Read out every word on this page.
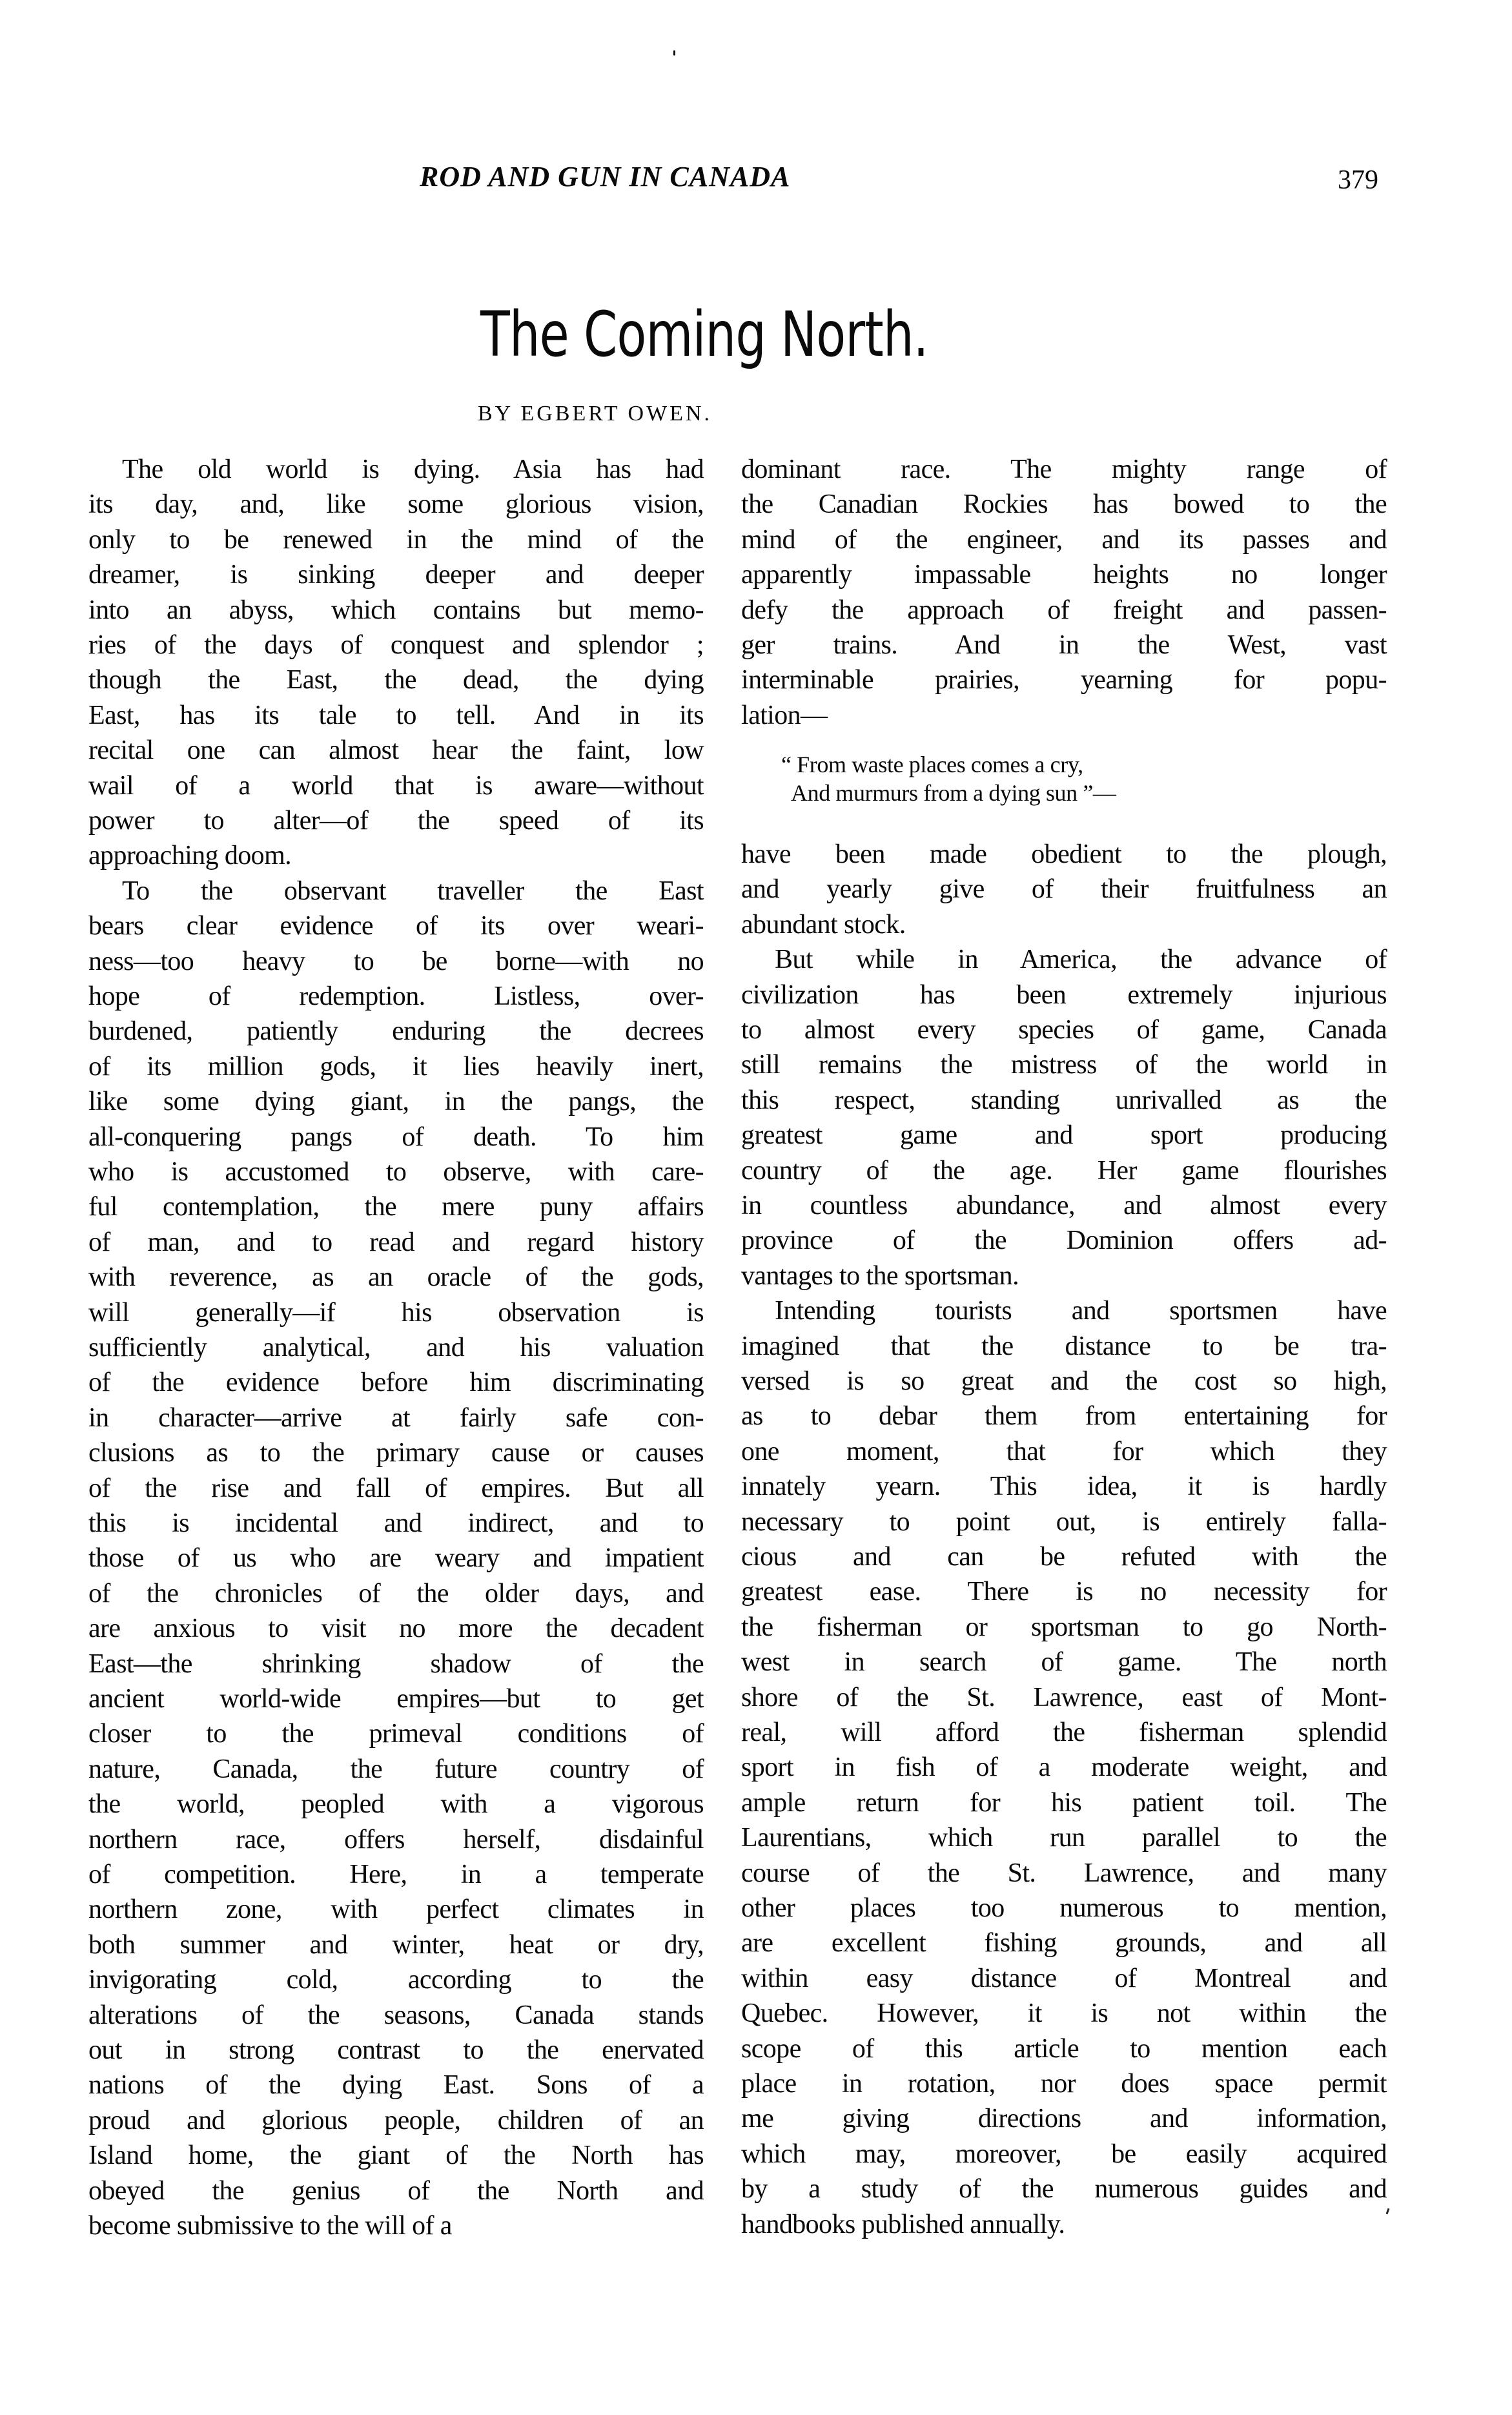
ROD AND GUN IN CANADA	379
The Coming North.
BY EGBERT OWEN.
The old world is dying. Asia has had
its day, and, like some glorious vision,
only to be renewed in the mind of the
dreamer, is sinking deeper and deeper
into an abyss, which contains but memo-
ries of the days of conquest and splendor ;
though the East, the dead, the dying
East, has its tale to tell. And in its
recital one can almost hear the faint, low
wail of a world that is aware—without
power to alter—of the speed of its
approaching doom.
To the observant traveller the East
bears clear evidence of its over weari-
ness—too heavy to be borne—with no
hope of redemption. Listless, over-
burdened, patiently enduring the decrees
of its million gods, it lies heavily inert,
like some dying giant, in the pangs, the
all-conquering pangs of death. To him
who is accustomed to observe, with care-
ful contemplation, the mere puny affairs
of man, and to read and regard history
with reverence, as an oracle of the gods,
will generally—if his observation is
sufficiently analytical, and his valuation
of the evidence before him discriminating
in character—arrive at fairly safe con-
clusions as to the primary cause or causes
of the rise and fall of empires. But all
this is incidental and indirect, and to
those of us who are weary and impatient
of the chronicles of the older days, and
are anxious to visit no more the decadent
East—the shrinking shadow of the
ancient world-wide empires—but to get
closer to the primeval conditions of
nature, Canada, the future country of
the world, peopled with a vigorous
northern race, offers herself, disdainful
of competition. Here, in a temperate
northern zone, with perfect climates in
both summer and winter, heat or dry,
invigorating cold, according to the
alterations of the seasons, Canada stands
out in strong contrast to the enervated
nations of the dying East. Sons of a
proud and glorious people, children of an
Island home, the giant of the North has
obeyed the genius of the North and
become submissive to the will of a
dominant race. The mighty range of
the Canadian Rockies has bowed to the
mind of the engineer, and its passes and
apparently impassable heights no longer
defy the approach of freight and passen-
ger trains. And in the West, vast
interminable prairies, yearning for popu-
lation—
“ From waste places comes a cry,
And murmurs from a dying sun ”—
have been made obedient to the plough,
and yearly give of their fruitfulness an
abundant stock.
But while in America, the advance of
civilization has been extremely injurious
to almost every species of game, Canada
still remains the mistress of the world in
this respect, standing unrivalled as the
greatest game and sport producing
country of the age. Her game flourishes
in countless abundance, and almost every
province of the Dominion offers ad-
vantages to the sportsman.
Intending tourists and sportsmen have
imagined that the distance to be tra-
versed is so great and the cost so high,
as to debar them from entertaining for
one moment, that for which they
innately yearn. This idea, it is hardly
necessary to point out, is entirely falla-
cious and can be refuted with the
greatest ease. There is no necessity for
the fisherman or sportsman to go North-
west in search of game. The north
shore of the St. Lawrence, east of Mont-
real, will afford the fisherman splendid
sport in fish of a moderate weight, and
ample return for his patient toil. The
Laurentians, which run parallel to the
course of the St. Lawrence, and many
other places too numerous to mention,
are excellent fishing grounds, and all
within easy distance of Montreal and
Quebec. However, it is not within the
scope of this article to mention each
place in rotation, nor does space permit
me giving directions and information,
which may, moreover, be easily acquired
by a study of the numerous guides and
handbooks published annually.
